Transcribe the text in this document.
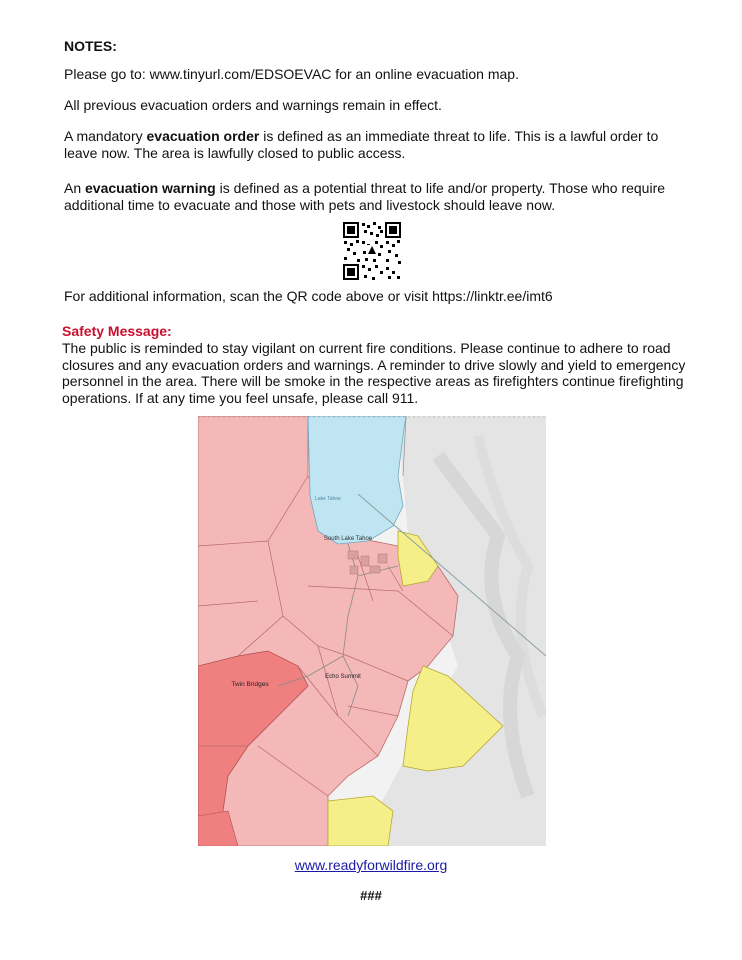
NOTES:
Please go to: www.tinyurl.com/EDSOEVAC for an online evacuation map.
All previous evacuation orders and warnings remain in effect.
A mandatory evacuation order is defined as an immediate threat to life. This is a lawful order to leave now. The area is lawfully closed to public access.
An evacuation warning is defined as a potential threat to life and/or property. Those who require additional time to evacuate and those with pets and livestock should leave now.
For additional information, scan the QR code above or visit https://linktr.ee/imt6
Safety Message:
The public is reminded to stay vigilant on current fire conditions. Please continue to adhere to road closures and any evacuation orders and warnings. A reminder to drive slowly and yield to emergency personnel in the area. There will be smoke in the respective areas as firefighters continue firefighting operations. If at any time you feel unsafe, please call 911.
Lake Tahoe
South Lake Tahoe
Twin Bridges
Echo Summit
www.readyforwildfire.org
###
